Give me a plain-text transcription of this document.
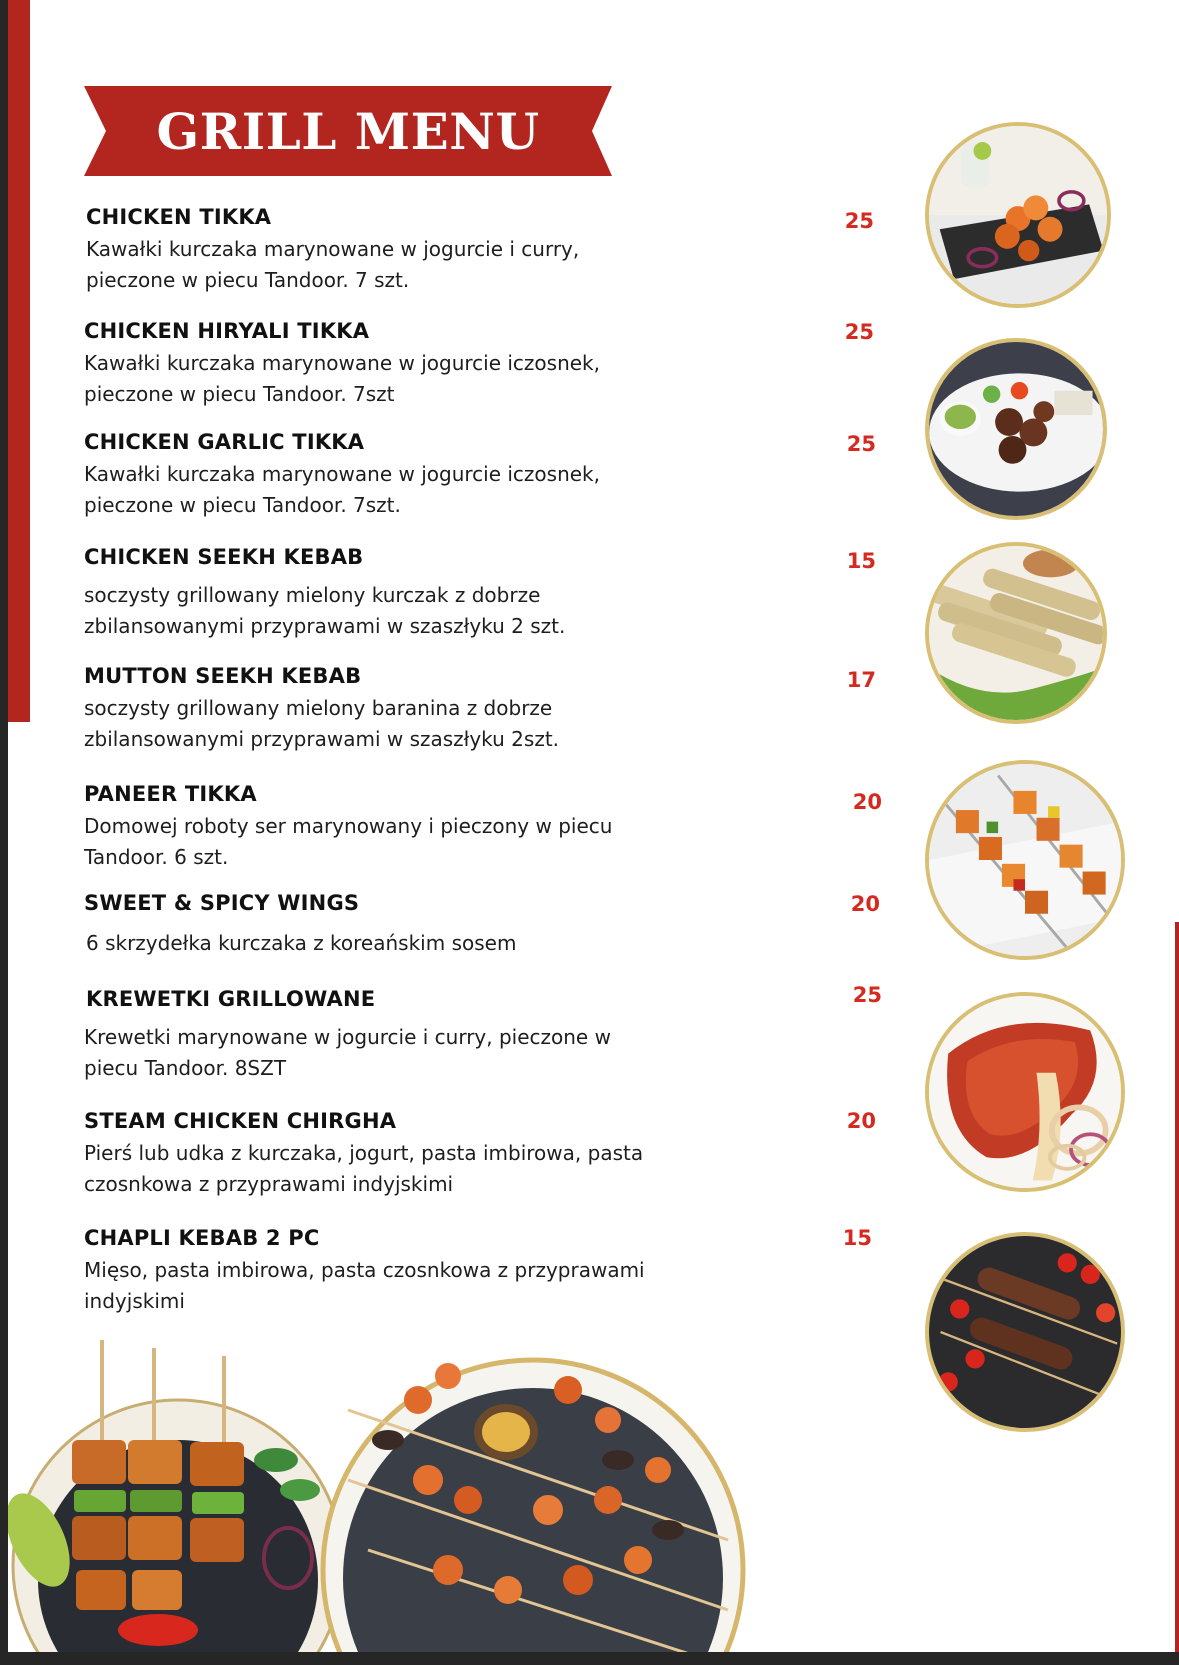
GRILL MENU
CHICKEN TIKKA
Kawałki kurczaka marynowane w jogurcie i curry,
pieczone w piecu Tandoor. 7 szt.
25
CHICKEN HIRYALI TIKKA
Kawałki kurczaka marynowane w jogurcie iczosnek,
pieczone w piecu Tandoor. 7szt
25
CHICKEN GARLIC TIKKA
Kawałki kurczaka marynowane w jogurcie iczosnek,
pieczone w piecu Tandoor. 7szt.
25
CHICKEN SEEKH KEBAB
soczysty grillowany mielony kurczak z dobrze
zbilansowanymi przyprawami w szaszłyku 2 szt.
15
MUTTON SEEKH KEBAB
soczysty grillowany mielony baranina z dobrze
zbilansowanymi przyprawami w szaszłyku 2szt.
17
PANEER TIKKA
Domowej roboty ser marynowany i pieczony w piecu
Tandoor. 6 szt.
20
SWEET & SPICY WINGS
6 skrzydełka kurczaka z koreańskim sosem
20
KREWETKI GRILLOWANE
Krewetki marynowane w jogurcie i curry, pieczone w
piecu Tandoor. 8SZT
25
STEAM CHICKEN CHIRGHA
Pierś lub udka z kurczaka, jogurt, pasta imbirowa, pasta
czosnkowa z przyprawami indyjskimi
20
CHAPLI KEBAB 2 PC
Mięso, pasta imbirowa, pasta czosnkowa z przyprawami
indyjskimi
15
